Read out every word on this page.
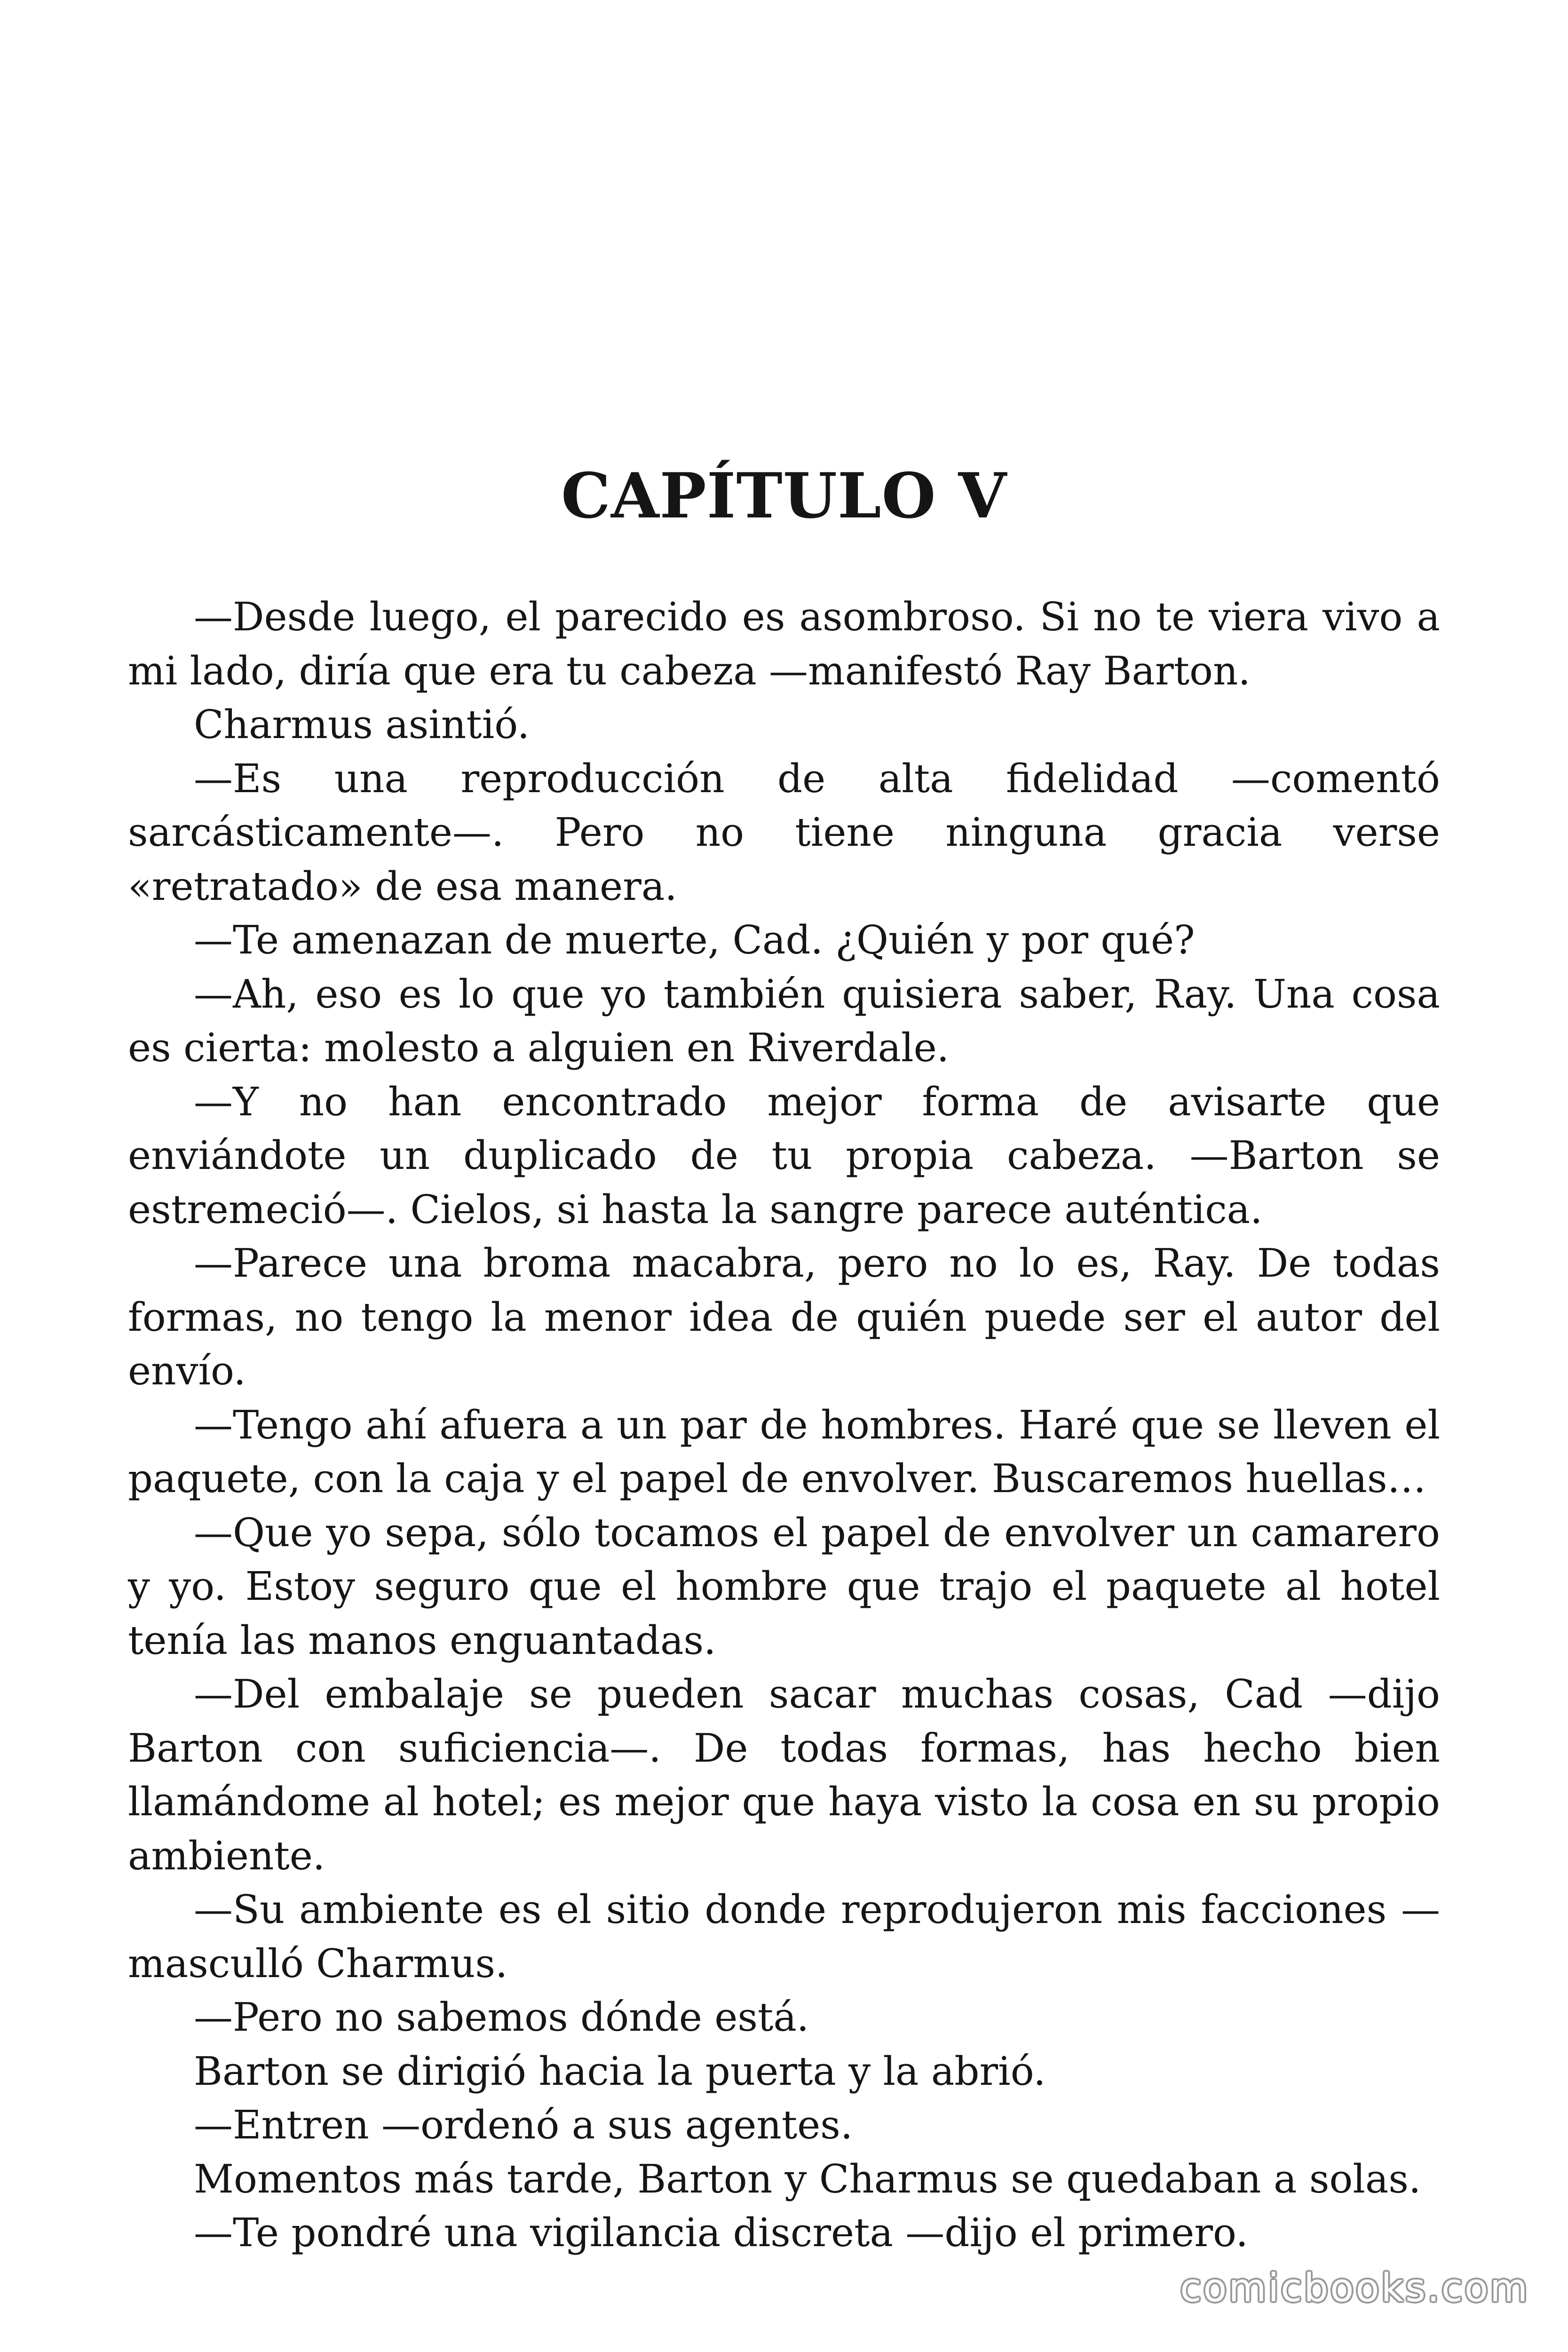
CAPÍTULO V

—Desde luego, el parecido es asombroso. Si no te viera vivo a mi lado, diría que era tu cabeza —manifestó Ray Barton.

Charmus asintió.

—Es una reproducción de alta fidelidad —comentó sarcásticamente—. Pero no tiene ninguna gracia verse «retratado» de esa manera.

—Te amenazan de muerte, Cad. ¿Quién y por qué?

—Ah, eso es lo que yo también quisiera saber, Ray. Una cosa es cierta: molesto a alguien en Riverdale.

—Y no han encontrado mejor forma de avisarte que enviándote un duplicado de tu propia cabeza. —Barton se estremeció—. Cielos, si hasta la sangre parece auténtica.

—Parece una broma macabra, pero no lo es, Ray. De todas formas, no tengo la menor idea de quién puede ser el autor del envío.

—Tengo ahí afuera a un par de hombres. Haré que se lleven el paquete, con la caja y el papel de envolver. Buscaremos huellas…

—Que yo sepa, sólo tocamos el papel de envolver un camarero y yo. Estoy seguro que el hombre que trajo el paquete al hotel tenía las manos enguantadas.

—Del embalaje se pueden sacar muchas cosas, Cad —dijo Barton con suficiencia—. De todas formas, has hecho bien llamándome al hotel; es mejor que haya visto la cosa en su propio ambiente.

—Su ambiente es el sitio donde reprodujeron mis facciones — masculló Charmus.

—Pero no sabemos dónde está.

Barton se dirigió hacia la puerta y la abrió.

—Entren —ordenó a sus agentes.

Momentos más tarde, Barton y Charmus se quedaban a solas.

—Te pondré una vigilancia discreta —dijo el primero.

comicbooks.com
